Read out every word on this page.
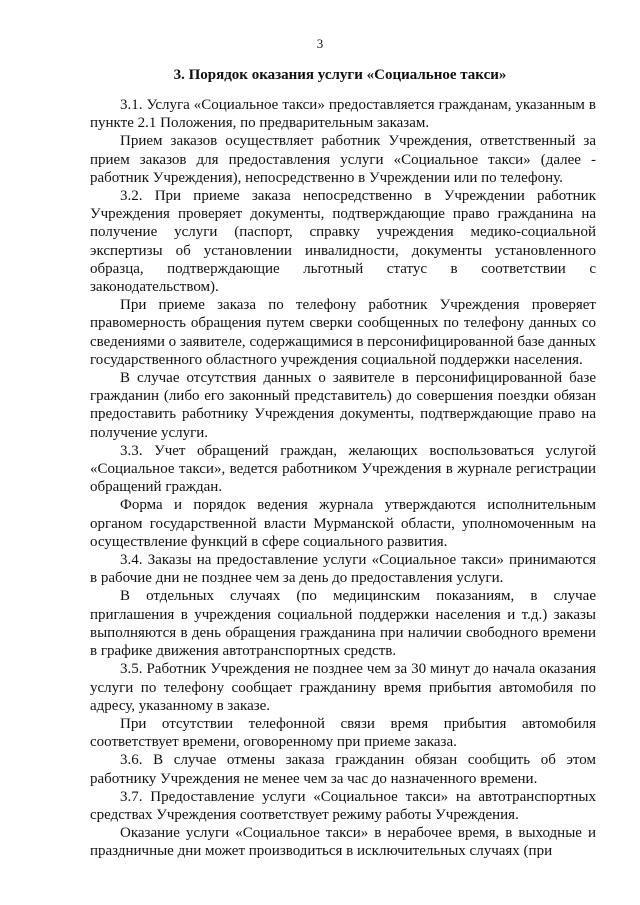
3
3. Порядок оказания услуги «Социальное такси»

3.1. Услуга «Социальное такси» предоставляется гражданам, указанным в пункте 2.1 Положения, по предварительным заказам.

Прием заказов осуществляет работник Учреждения, ответственный за прием заказов для предоставления услуги «Социальное такси» (далее - работник Учреждения), непосредственно в Учреждении или по телефону.

3.2. При приеме заказа непосредственно в Учреждении работник Учреждения проверяет документы, подтверждающие право гражданина на получение услуги (паспорт, справку учреждения медико-социальной экспертизы об установлении инвалидности, документы установленного образца, подтверждающие льготный статус в соответствии с законодательством).

При приеме заказа по телефону работник Учреждения проверяет правомерность обращения путем сверки сообщенных по телефону данных со сведениями о заявителе, содержащимися в персонифицированной базе данных государственного областного учреждения социальной поддержки населения.

В случае отсутствия данных о заявителе в персонифицированной базе гражданин (либо его законный представитель) до совершения поездки обязан предоставить работнику Учреждения документы, подтверждающие право на получение услуги.

3.3. Учет обращений граждан, желающих воспользоваться услугой «Социальное такси», ведется работником Учреждения в журнале регистрации обращений граждан.

Форма и порядок ведения журнала утверждаются исполнительным органом государственной власти Мурманской области, уполномоченным на осуществление функций в сфере социального развития.

3.4. Заказы на предоставление услуги «Социальное такси» принимаются в рабочие дни не позднее чем за день до предоставления услуги.

В отдельных случаях (по медицинским показаниям, в случае приглашения в учреждения социальной поддержки населения и т.д.) заказы выполняются в день обращения гражданина при наличии свободного времени в графике движения автотранспортных средств.

3.5. Работник Учреждения не позднее чем за 30 минут до начала оказания услуги по телефону сообщает гражданину время прибытия автомобиля по адресу, указанному в заказе.

При отсутствии телефонной связи время прибытия автомобиля соответствует времени, оговоренному при приеме заказа.

3.6. В случае отмены заказа гражданин обязан сообщить об этом работнику Учреждения не менее чем за час до назначенного времени.

3.7. Предоставление услуги «Социальное такси» на автотранспортных средствах Учреждения соответствует режиму работы Учреждения.

Оказание услуги «Социальное такси» в нерабочее время, в выходные и праздничные дни может производиться в исключительных случаях (при
